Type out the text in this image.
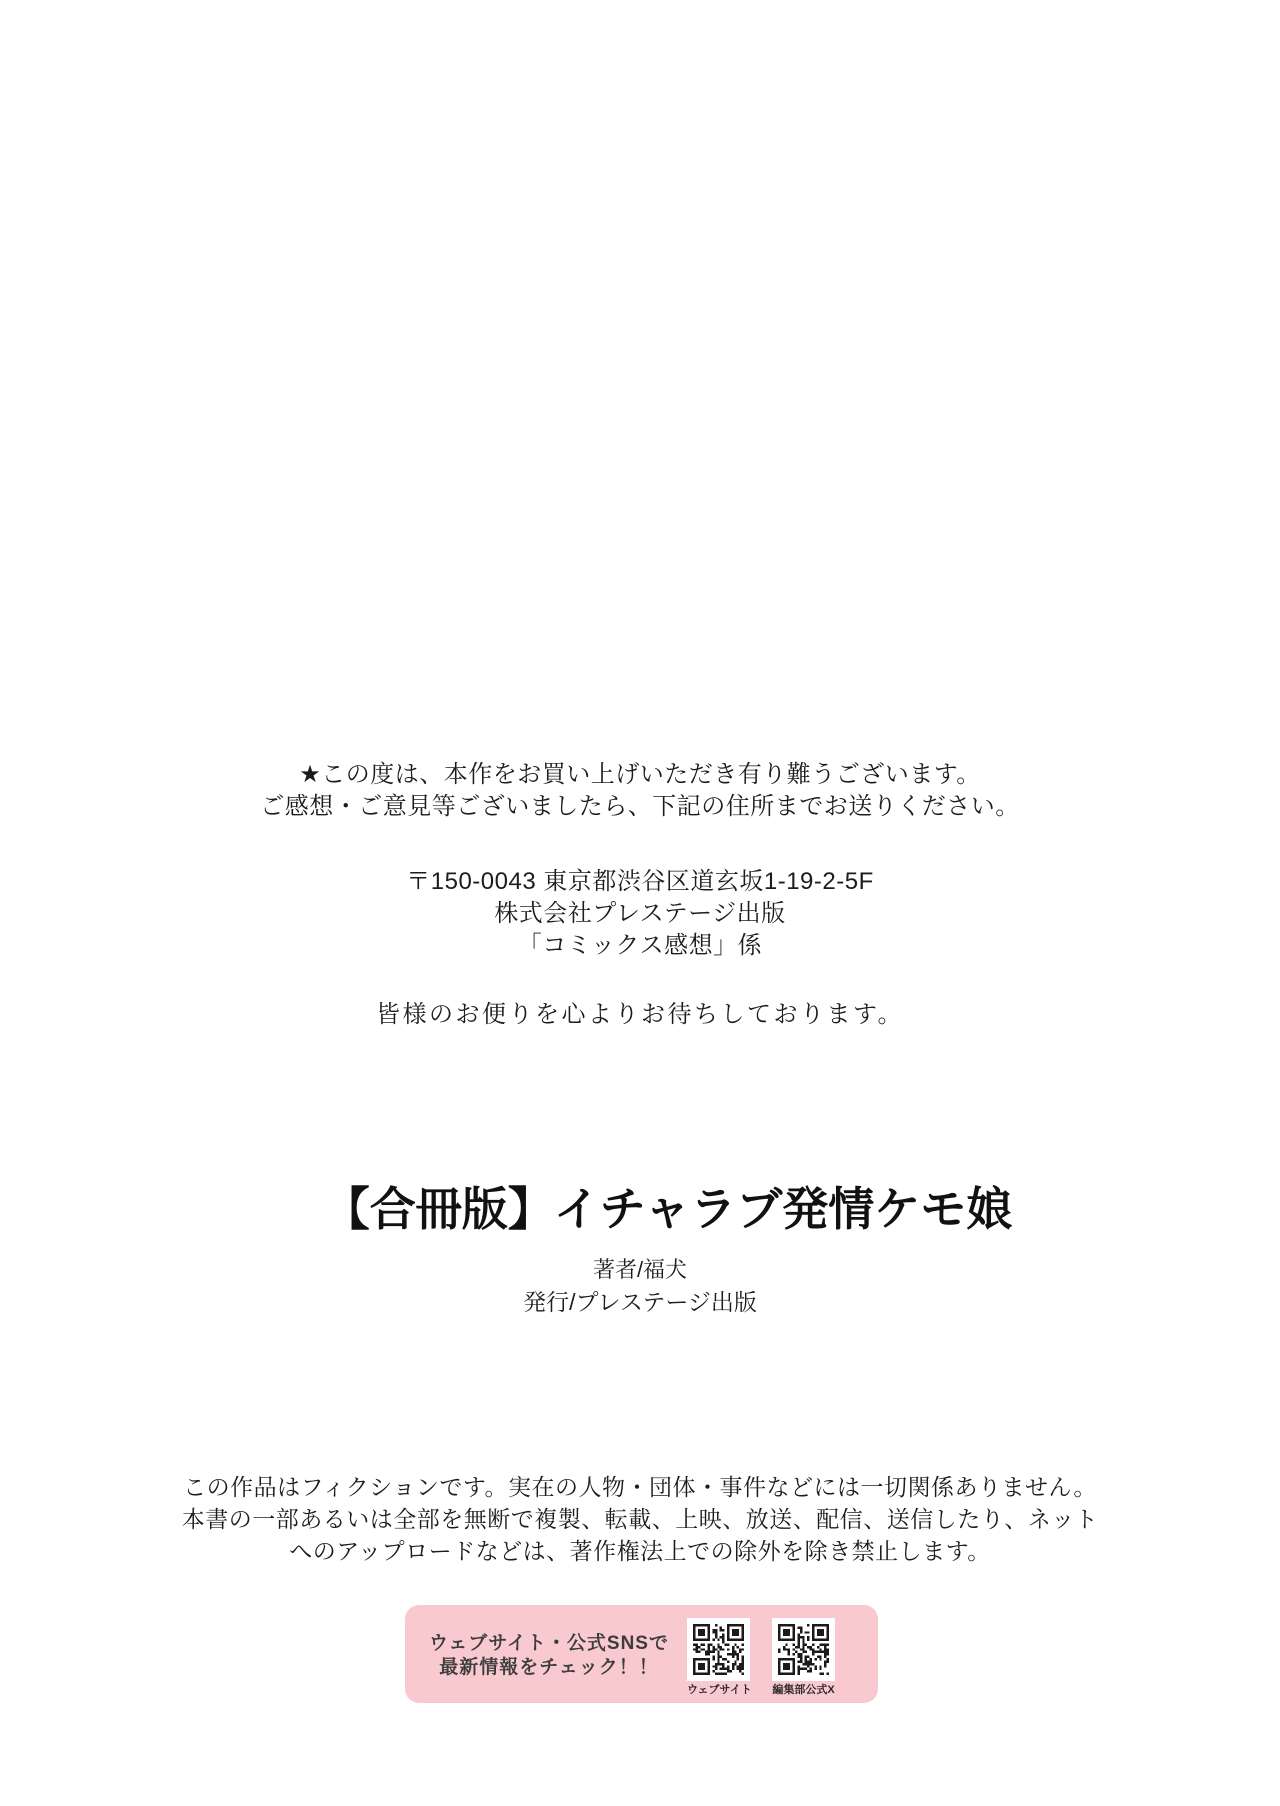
★この度は、本作をお買い上げいただき有り難うございます。
ご感想・ご意見等ございましたら、下記の住所までお送りください。
〒150-0043 東京都渋谷区道玄坂1-19-2-5F
株式会社プレステージ出版
「コミックス感想」係
皆様のお便りを心よりお待ちしております。
【合冊版】イチャラブ発情ケモ娘
著者/福犬
発行/プレステージ出版
この作品はフィクションです。実在の人物・団体・事件などには一切関係ありません。
本書の一部あるいは全部を無断で複製、転載、上映、放送、配信、送信したり、ネット
へのアップロードなどは、著作権法上での除外を除き禁止します。
ウェブサイト・公式SNSで
最新情報をチェック！！
ウェブサイト 編集部公式X
